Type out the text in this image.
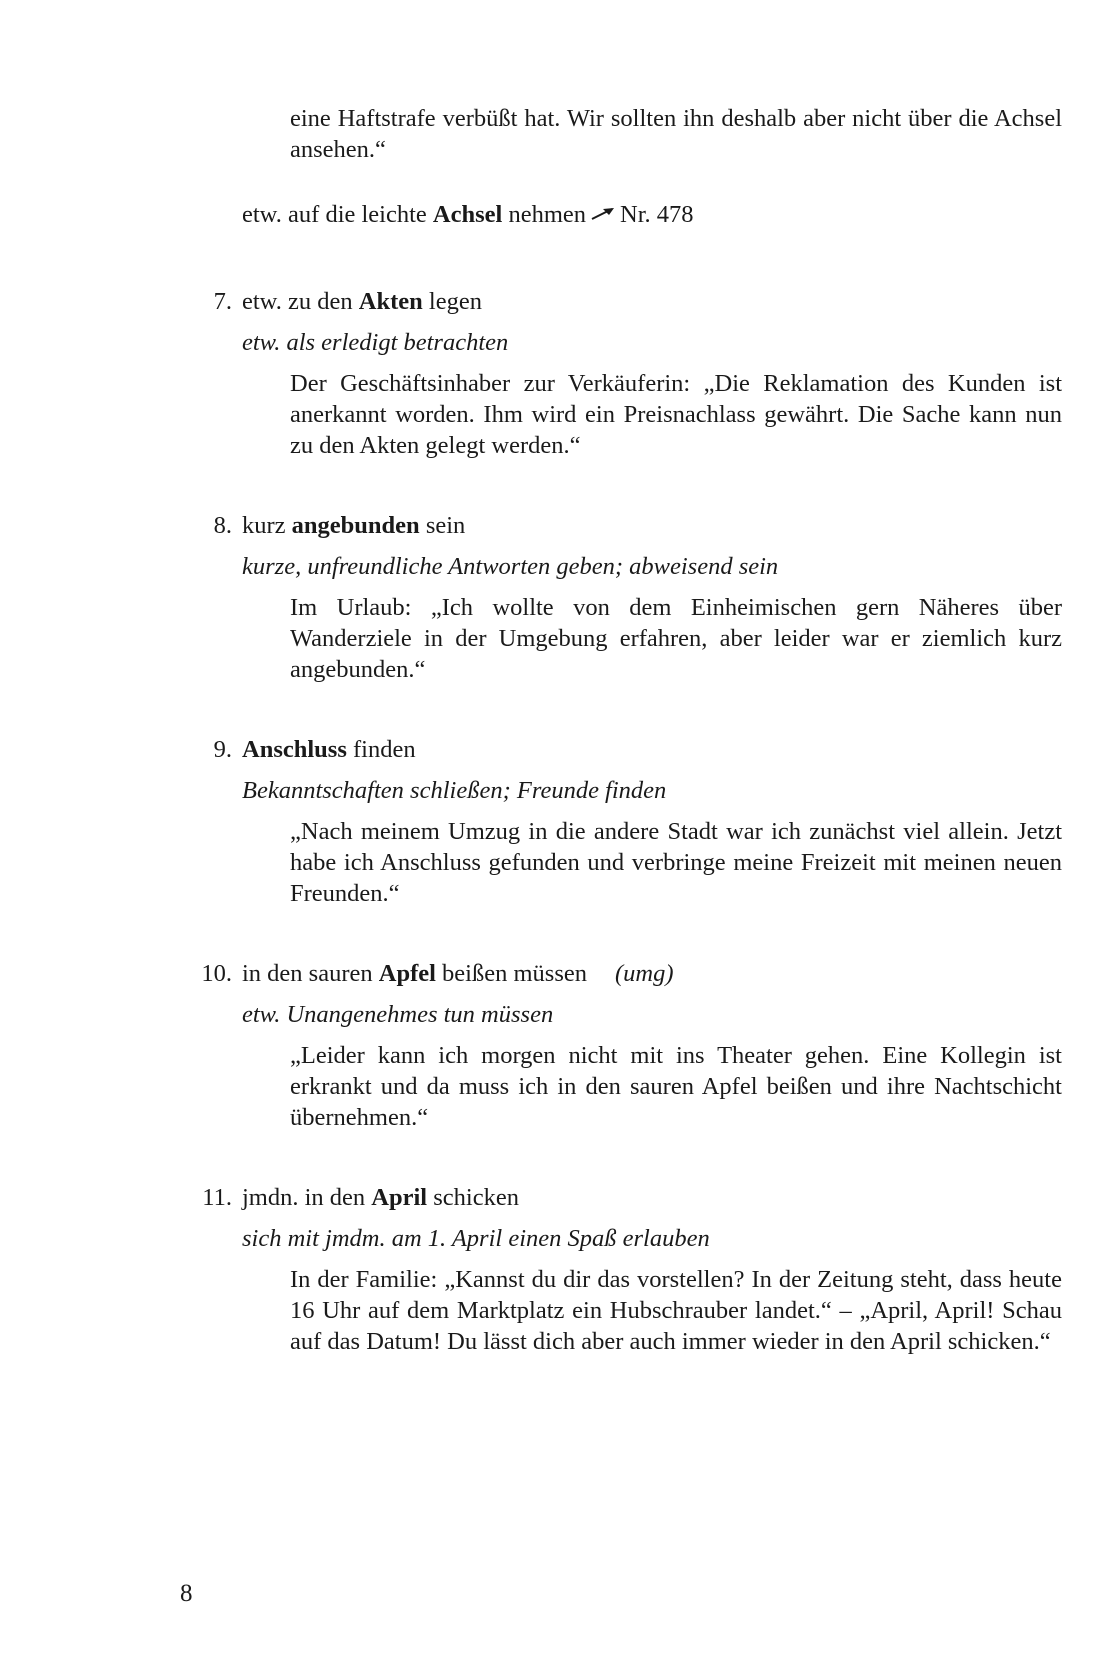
eine Haftstrafe verbüßt hat. Wir sollten ihn deshalb aber nicht über die Achsel ansehen.“
etw. auf die leichte Achsel nehmen Nr. 478
7. etw. zu den Akten legen
etw. als erledigt betrachten
Der Geschäftsinhaber zur Verkäuferin: „Die Reklamation des Kunden ist anerkannt worden. Ihm wird ein Preisnachlass gewährt. Die Sache kann nun zu den Akten gelegt werden.“
8. kurz angebunden sein
kurze, unfreundliche Antworten geben; abweisend sein
Im Urlaub: „Ich wollte von dem Einheimischen gern Näheres über Wanderziele in der Umgebung erfahren, aber leider war er ziemlich kurz angebunden.“
9. Anschluss finden
Bekanntschaften schließen; Freunde finden
„Nach meinem Umzug in die andere Stadt war ich zunächst viel allein. Jetzt habe ich Anschluss gefunden und verbringe meine Freizeit mit meinen neuen Freunden.“
10. in den sauren Apfel beißen müssen (umg)
etw. Unangenehmes tun müssen
„Leider kann ich morgen nicht mit ins Theater gehen. Eine Kollegin ist erkrankt und da muss ich in den sauren Apfel beißen und ihre Nachtschicht übernehmen.“
11. jmdn. in den April schicken
sich mit jmdm. am 1. April einen Spaß erlauben
In der Familie: „Kannst du dir das vorstellen? In der Zeitung steht, dass heute 16 Uhr auf dem Marktplatz ein Hubschrauber landet.“ – „April, April! Schau auf das Datum! Du lässt dich aber auch immer wieder in den April schicken.“
8
